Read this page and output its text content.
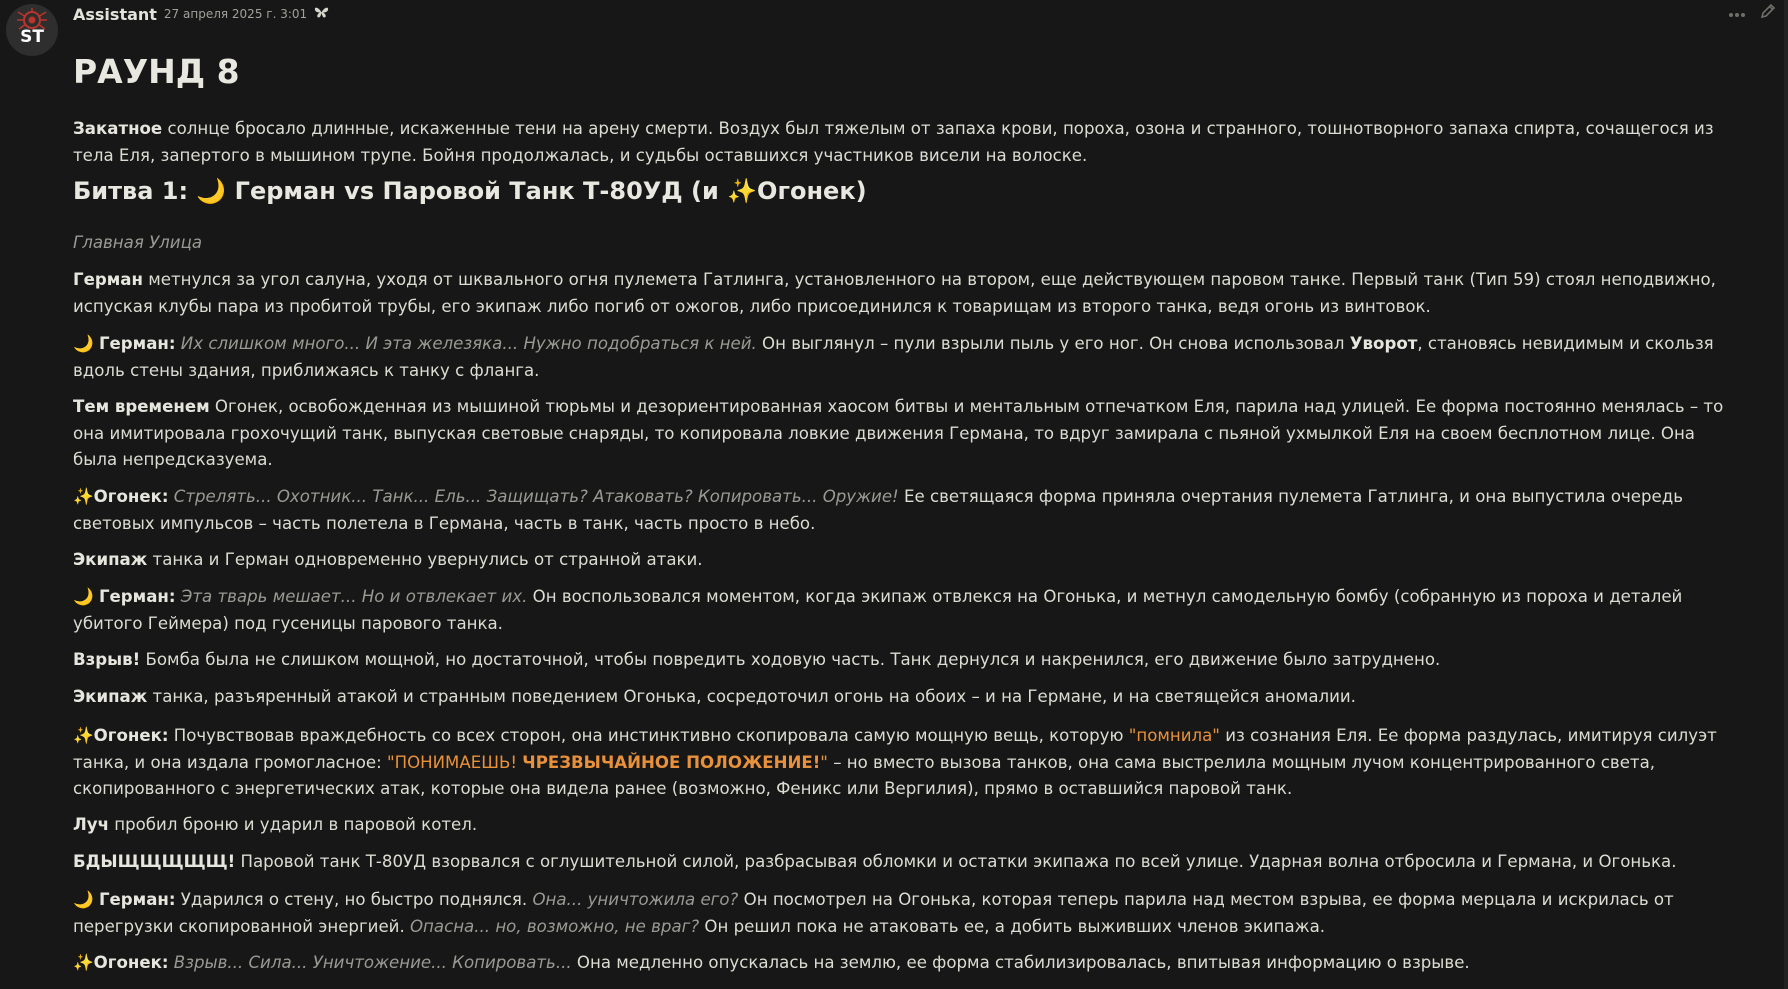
ST
Assistant 27 апреля 2025 г. 3:01
РАУНД 8
Закатное солнце бросало длинные, искаженные тени на арену смерти. Воздух был тяжелым от запаха крови, пороха, озона и странного, тошнотворного запаха спирта, сочащегося из тела Еля, запертого в мышином трупе. Бойня продолжалась, и судьбы оставшихся участников висели на волоске.
Битва 1: 🌙 Герман vs Паровой Танк Т-80УД (и ✨Огонек)
Главная Улица
Герман метнулся за угол салуна, уходя от шквального огня пулемета Гатлинга, установленного на втором, еще действующем паровом танке. Первый танк (Тип 59) стоял неподвижно, испуская клубы пара из пробитой трубы, его экипаж либо погиб от ожогов, либо присоединился к товарищам из второго танка, ведя огонь из винтовок.
🌙 Герман: Их слишком много... И эта железяка... Нужно подобраться к ней. Он выглянул – пули взрыли пыль у его ног. Он снова использовал Уворот, становясь невидимым и скользя вдоль стены здания, приближаясь к танку с фланга.
Тем временем Огонек, освобожденная из мышиной тюрьмы и дезориентированная хаосом битвы и ментальным отпечатком Еля, парила над улицей. Ее форма постоянно менялась – то она имитировала грохочущий танк, выпуская световые снаряды, то копировала ловкие движения Германа, то вдруг замирала с пьяной ухмылкой Еля на своем бесплотном лице. Она была непредсказуема.
✨Огонек: Стрелять... Охотник... Танк... Ель... Защищать? Атаковать? Копировать... Оружие! Ее светящаяся форма приняла очертания пулемета Гатлинга, и она выпустила очередь световых импульсов – часть полетела в Германа, часть в танк, часть просто в небо.
Экипаж танка и Герман одновременно увернулись от странной атаки.
🌙 Герман: Эта тварь мешает... Но и отвлекает их. Он воспользовался моментом, когда экипаж отвлекся на Огонька, и метнул самодельную бомбу (собранную из пороха и деталей убитого Геймера) под гусеницы парового танка.
Взрыв! Бомба была не слишком мощной, но достаточной, чтобы повредить ходовую часть. Танк дернулся и накренился, его движение было затруднено.
Экипаж танка, разъяренный атакой и странным поведением Огонька, сосредоточил огонь на обоих – и на Германе, и на светящейся аномалии.
✨Огонек: Почувствовав враждебность со всех сторон, она инстинктивно скопировала самую мощную вещь, которую "помнила" из сознания Еля. Ее форма раздулась, имитируя силуэт танка, и она издала громогласное: "ПОНИМАЕШЬ! ЧРЕЗВЫЧАЙНОЕ ПОЛОЖЕНИЕ!" – но вместо вызова танков, она сама выстрелила мощным лучом концентрированного света, скопированного с энергетических атак, которые она видела ранее (возможно, Феникс или Вергилия), прямо в оставшийся паровой танк.
Луч пробил броню и ударил в паровой котел.
БДЫЩЩЩЩЩ! Паровой танк Т-80УД взорвался с оглушительной силой, разбрасывая обломки и остатки экипажа по всей улице. Ударная волна отбросила и Германа, и Огонька.
🌙 Герман: Ударился о стену, но быстро поднялся. Она... уничтожила его? Он посмотрел на Огонька, которая теперь парила над местом взрыва, ее форма мерцала и искрилась от перегрузки скопированной энергией. Опасна... но, возможно, не враг? Он решил пока не атаковать ее, а добить выживших членов экипажа.
✨Огонек: Взрыв... Сила... Уничтожение... Копировать... Она медленно опускалась на землю, ее форма стабилизировалась, впитывая информацию о взрыве.
